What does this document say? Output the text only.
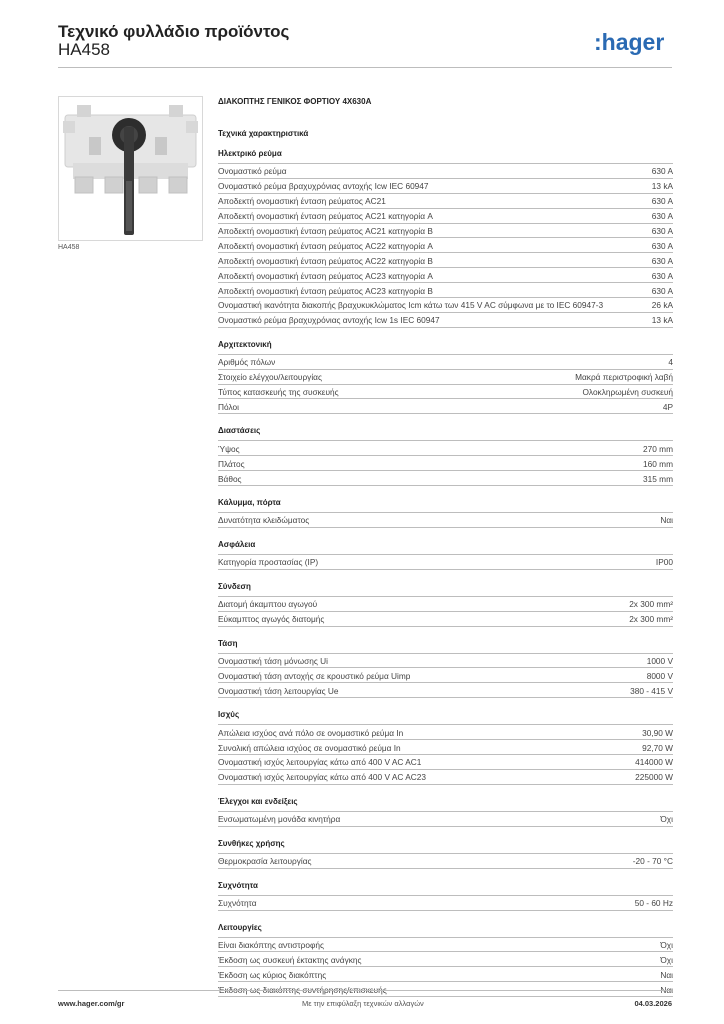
Τεχνικό φυλλάδιο προϊόντος
HA458	:hager
HA458
ΔΙΑΚΟΠΤΗΣ ΓΕΝΙΚΟΣ ΦΟΡΤΙΟΥ 4X630A
Τεχνικά χαρακτηριστικά
Ηλεκτρικό ρεύμα
Ονομαστικό ρεύμα	630 A
Ονομαστικό ρεύμα βραχυχρόνιας αντοχής Icw IEC 60947	13 kA
Αποδεκτή ονομαστική ένταση ρεύματος AC21	630 A
Αποδεκτή ονομαστική ένταση ρεύματος AC21 κατηγορία A	630 A
Αποδεκτή ονομαστική ένταση ρεύματος AC21 κατηγορία B	630 A
Αποδεκτή ονομαστική ένταση ρεύματος AC22 κατηγορία A	630 A
Αποδεκτή ονομαστική ένταση ρεύματος AC22 κατηγορία B	630 A
Αποδεκτή ονομαστική ένταση ρεύματος AC23 κατηγορία A	630 A
Αποδεκτή ονομαστική ένταση ρεύματος AC23 κατηγορία B	630 A
Ονομαστική ικανότητα διακοπής βραχυκυκλώματος Icm κάτω των 415 V AC σύμφωνα με το IEC 60947-3	26 kA
Ονομαστικό ρεύμα βραχυχρόνιας αντοχής Icw 1s IEC 60947	13 kA
Αρχιτεκτονική
Αριθμός πόλων	4
Στοιχείο ελέγχου/λειτουργίας	Μακρά περιστροφική λαβή
Τύπος κατασκευής της συσκευής	Ολοκληρωμένη συσκευή
Πόλοι	4P
Διαστάσεις
Ύψος	270 mm
Πλάτος	160 mm
Βάθος	315 mm
Κάλυμμα, πόρτα
Δυνατότητα κλειδώματος	Ναι
Ασφάλεια
Κατηγορία προστασίας (IP)	IP00
Σύνδεση
Διατομή άκαμπτου αγωγού	2x 300 mm²
Εύκαμπτος αγωγός διατομής	2x 300 mm²
Τάση
Ονομαστική τάση μόνωσης Ui	1000 V
Ονομαστική τάση αντοχής σε κρουστικό ρεύμα Uimp	8000 V
Ονομαστική τάση λειτουργίας Ue	380 - 415 V
Ισχύς
Απώλεια ισχύος ανά πόλο σε ονομαστικό ρεύμα In	30,90 W
Συνολική απώλεια ισχύος σε ονομαστικό ρεύμα In	92,70 W
Ονομαστική ισχύς λειτουργίας κάτω από 400 V AC AC1	414000 W
Ονομαστική ισχύς λειτουργίας κάτω από 400 V AC AC23	225000 W
Έλεγχοι και ενδείξεις
Ενσωματωμένη μονάδα κινητήρα	Όχι
Συνθήκες χρήσης
Θερμοκρασία λειτουργίας	-20 - 70 °C
Συχνότητα
Συχνότητα	50 - 60 Hz
Λειτουργίες
Είναι διακόπτης αντιστροφής	Όχι
Έκδοση ως συσκευή έκτακτης ανάγκης	Όχι
Έκδοση ως κύριος διακόπτης	Ναι
Έκδοση ως διακόπτης συντήρησης/επισκευής	Ναι
www.hager.com/gr	Με την επιφύλαξη τεχνικών αλλαγών	04.03.2026
